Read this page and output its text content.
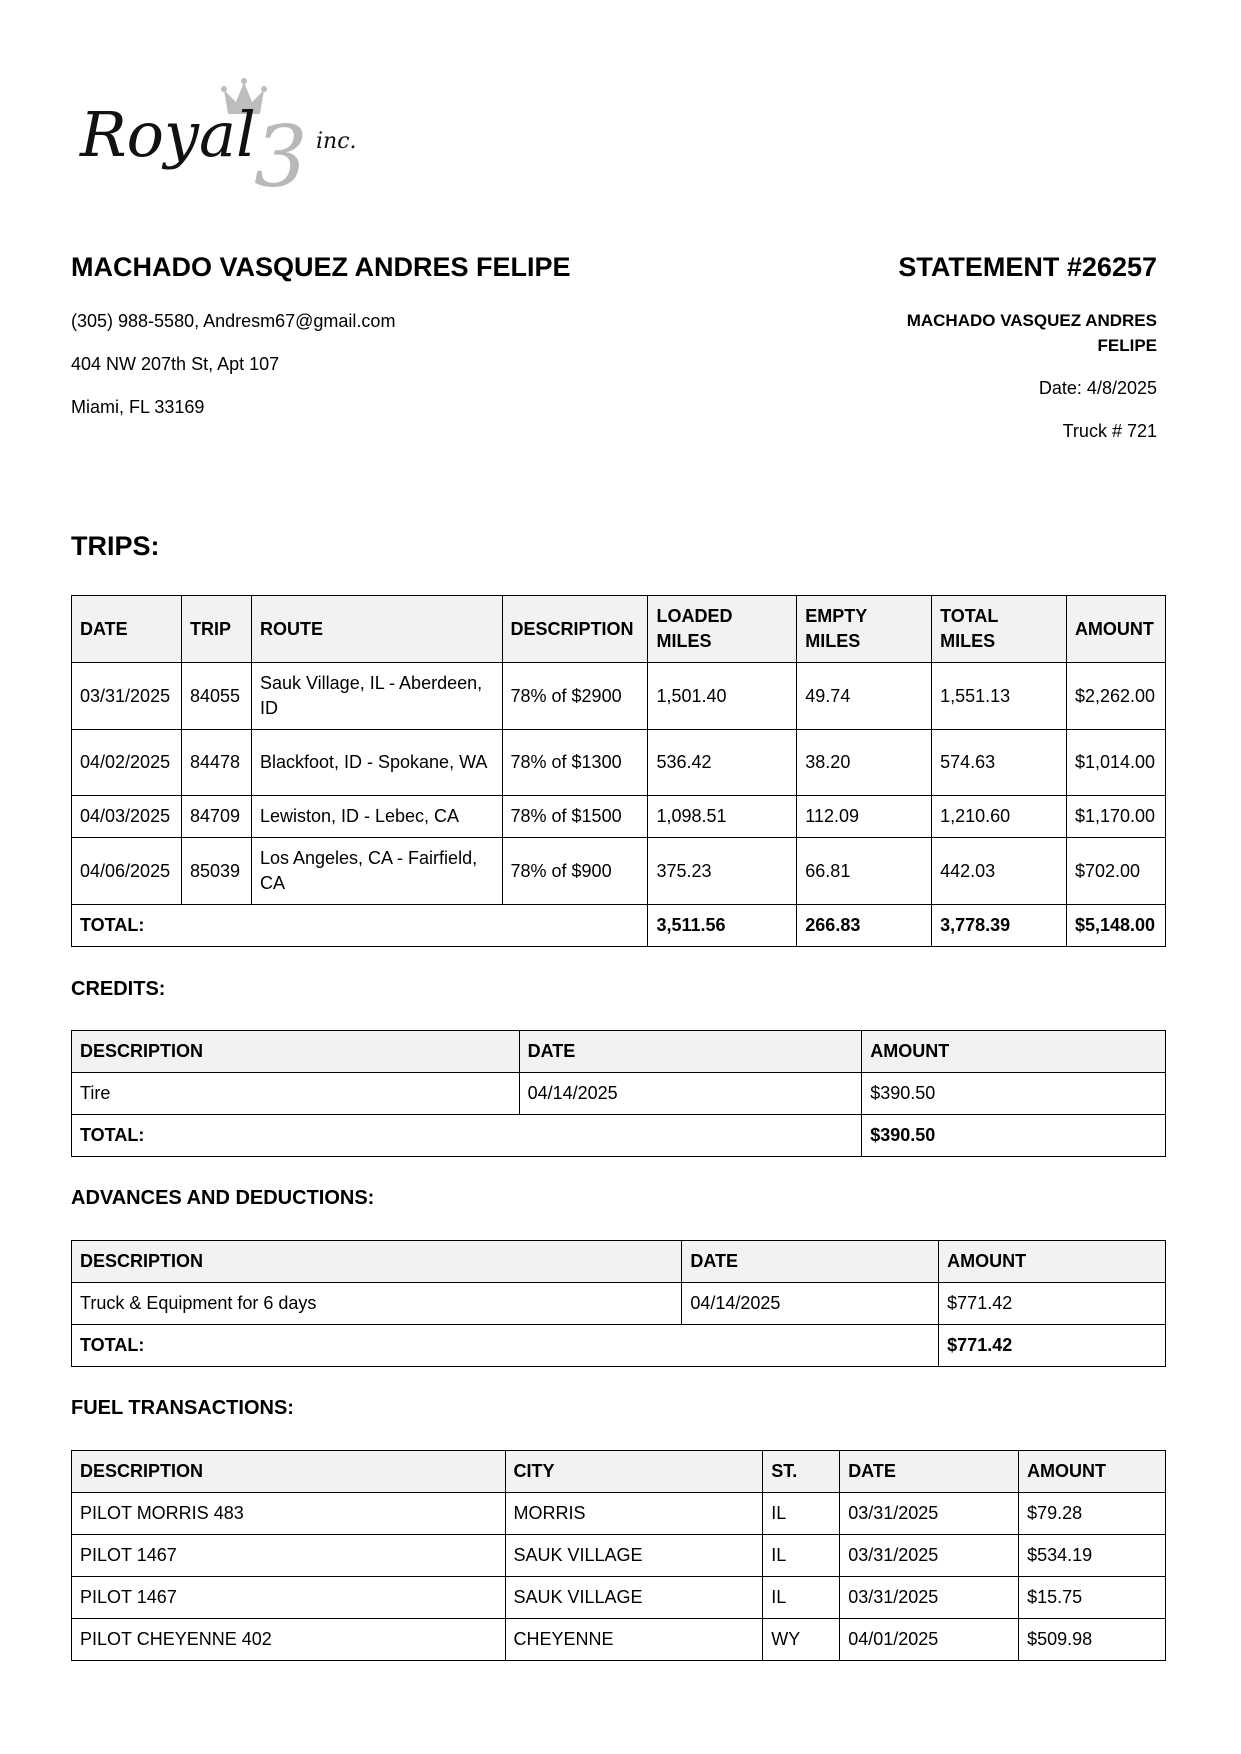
3
Royal	inc.
MACHADO VASQUEZ ANDRES FELIPE

(305) 988-5580, Andresm67@gmail.com

404 NW 207th St, Apt 107

Miami, FL 33169

STATEMENT #26257
MACHADO VASQUEZ ANDRES FELIPE
Date: 4/8/2025
Truck # 721
TRIPS:
DATE	TRIP	ROUTE	DESCRIPTION	LOADED MILES	EMPTY MILES	TOTAL MILES	AMOUNT
03/31/2025	84055	Sauk Village, IL - Aberdeen, ID	78% of $2900	1,501.40	49.74	1,551.13	$2,262.00
04/02/2025	84478	Blackfoot, ID - Spokane, WA	78% of $1300	536.42	38.20	574.63	$1,014.00
04/03/2025	84709	Lewiston, ID - Lebec, CA	78% of $1500	1,098.51	112.09	1,210.60	$1,170.00
04/06/2025	85039	Los Angeles, CA - Fairfield, CA	78% of $900	375.23	66.81	442.03	$702.00
TOTAL:				3,511.56	266.83	3,778.39	$5,148.00
CREDITS:
DESCRIPTION	DATE	AMOUNT
Tire	04/14/2025	$390.50
TOTAL:		$390.50
ADVANCES AND DEDUCTIONS:
DESCRIPTION	DATE	AMOUNT
Truck & Equipment for 6 days	04/14/2025	$771.42
TOTAL:		$771.42
FUEL TRANSACTIONS:
DESCRIPTION	CITY	ST.	DATE	AMOUNT
PILOT MORRIS 483	MORRIS	IL	03/31/2025	$79.28
PILOT 1467	SAUK VILLAGE	IL	03/31/2025	$534.19
PILOT 1467	SAUK VILLAGE	IL	03/31/2025	$15.75
PILOT CHEYENNE 402	CHEYENNE	WY	04/01/2025	$509.98
